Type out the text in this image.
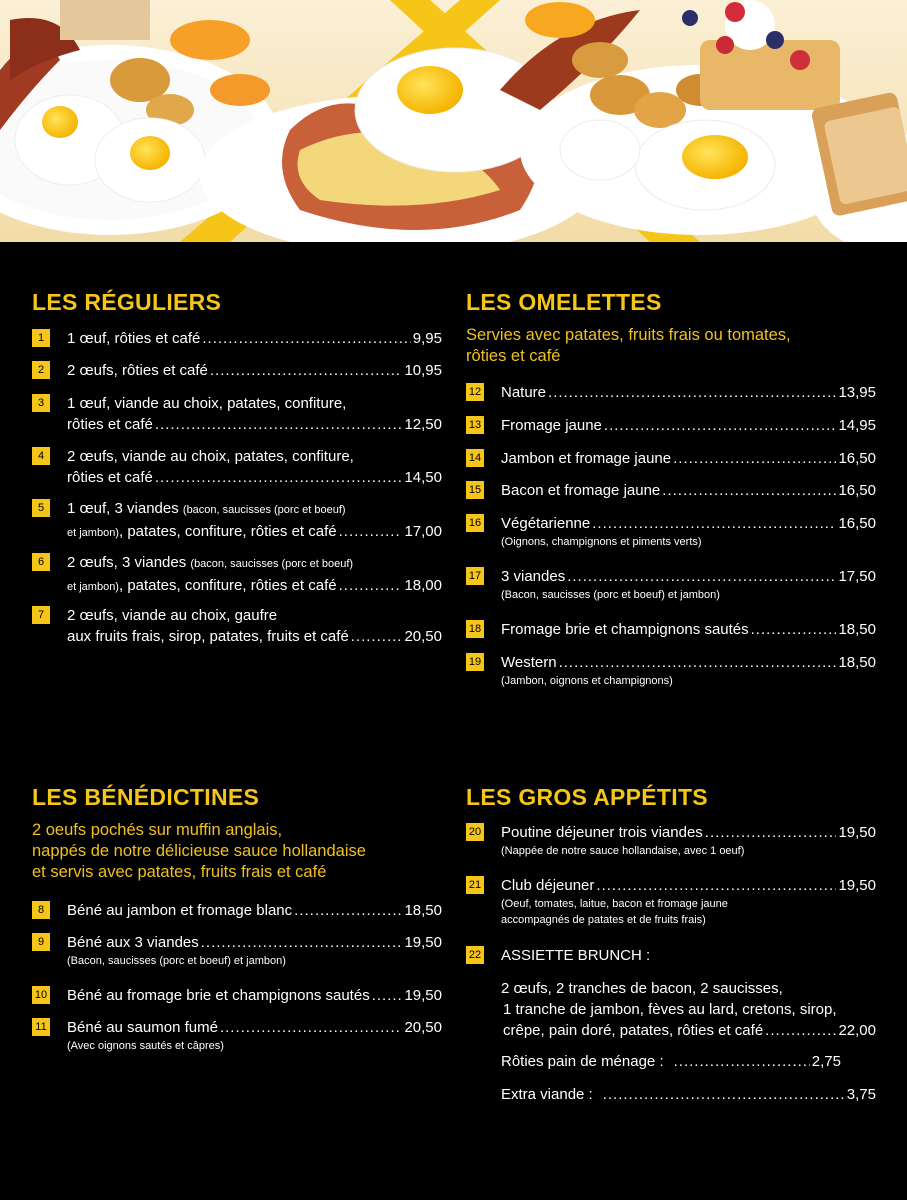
LES RÉGULIERS
1	1 œuf, rôties et café .....	9,95
2	2 œufs, rôties et café .....	10,95
3	1 œuf, viande au choix, patates, confiture,
rôties et café .....	12,50
4	2 œufs, viande au choix, patates, confiture,
rôties et café .....	14,50
5	1 œuf, 3 viandes (bacon, saucisses (porc et boeuf)
et jambon), patates, confiture, rôties et café .....	17,00
6	2 œufs, 3 viandes (bacon, saucisses (porc et boeuf)
et jambon), patates, confiture, rôties et café .....	18,00
7	2 œufs, viande au choix, gaufre
aux fruits frais, sirop, patates, fruits et café .....	20,50
LES OMELETTES
Servies avec patates, fruits frais ou tomates,
rôties et café
12 Nature .....	13,95
13 Fromage jaune .....	14,95
14 Jambon et fromage jaune .....	16,50
15 Bacon et fromage jaune .....	16,50
16 Végétarienne .....	16,50
(Oignons, champignons et piments verts)
17 3 viandes .....	17,50
(Bacon, saucisses (porc et boeuf) et jambon)
18 Fromage brie et champignons sautés .....	18,50
19 Western .....	18,50
(Jambon, oignons et champignons)
LES BÉNÉDICTINES
2 oeufs pochés sur muffin anglais,
nappés de notre délicieuse sauce hollandaise
et servis avec patates, fruits frais et café
8	Béné au jambon et fromage blanc .....	18,50
9	Béné aux 3 viandes .....	19,50
(Bacon, saucisses (porc et boeuf) et jambon)
10 Béné au fromage brie et champignons sautés ..... 19,50
11 Béné au saumon fumé .....	20,50
(Avec oignons sautés et câpres)
LES GROS APPÉTITS
20 Poutine déjeuner trois viandes .....	19,50
(Nappée de notre sauce hollandaise, avec 1 oeuf)
21 Club déjeuner .....	19,50
(Oeuf, tomates, laitue, bacon et fromage jaune
accompagnés de patates et de fruits frais)
22 ASSIETTE BRUNCH :
2 œufs, 2 tranches de bacon, 2 saucisses,
1 tranche de jambon, fèves au lard, cretons, sirop,
crêpe, pain doré, patates, rôties et café .....	22,00
Rôties pain de ménage : .....	2,75
Extra viande : .....	3,75
